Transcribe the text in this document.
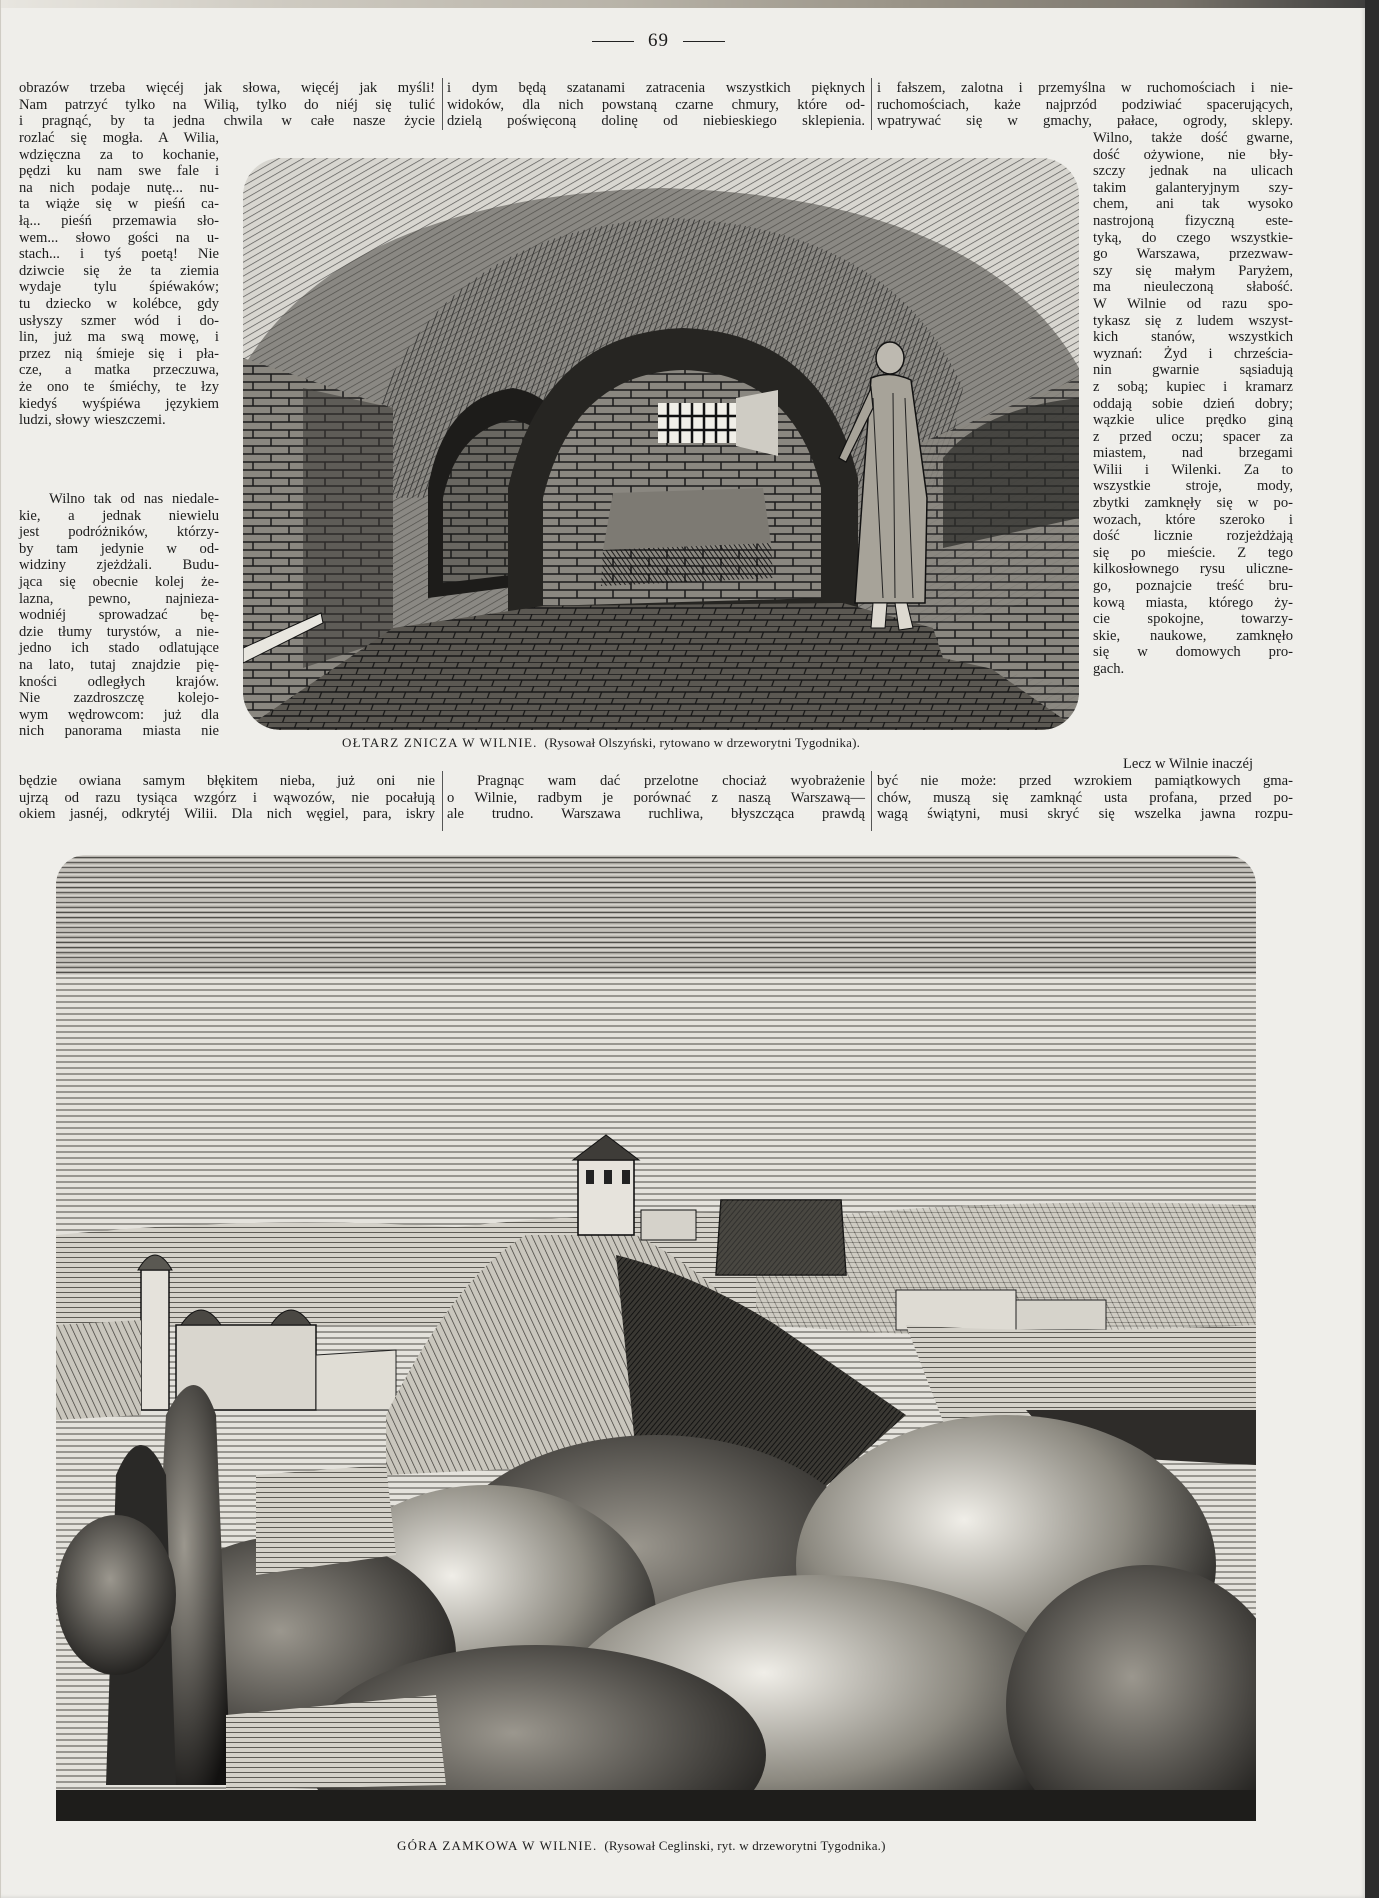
69

obrazów trzeba więcéj jak słowa, więcéj jak myśli!

Nam patrzyć tylko na Wilią, tylko do niéj się tulić

i pragnąć, by ta jedna chwila w całe nasze życie

rozlać się mogła. A Wilia,

wdzięczna za to kochanie,

pędzi ku nam swe fale i

na nich podaje nutę... nu-

ta wiąże się w pieśń ca-

łą... pieśń przemawia sło-

wem... słowo gości na u-

stach... i tyś poetą! Nie

dziwcie się że ta ziemia

wydaje tylu śpiéwaków;

tu dziecko w kolébce, gdy

usłyszy szmer wód i do-

lin, już ma swą mowę, i

przez nią śmieje się i pła-

cze, a matka przeczuwa,

że ono te śmiéchy, te łzy

kiedyś wyśpiéwa językiem

ludzi, słowy wieszczemi.

Wilno tak od nas niedale-

kie, a jednak niewielu

jest podróżników, którzy-

by tam jedynie w od-

widziny zjeżdżali. Budu-

jąca się obecnie kolej że-

lazna, pewno, najnieza-

wodniéj sprowadzać bę-

dzie tłumy turystów, a nie-

jedno ich stado odlatujące

na lato, tutaj znajdzie pię-

kności odległych krajów.

Nie zazdroszczę kolejo-

wym wędrowcom: już dla

nich panorama miasta nie

będzie owiana samym błękitem nieba, już oni nie

ujrzą od razu tysiąca wzgórz i wąwozów, nie pocałują

okiem jasnéj, odkrytéj Wilii. Dla nich węgiel, para, iskry

i dym będą szatanami zatracenia wszystkich pięknych

widoków, dla nich powstaną czarne chmury, które od-

dzielą poświęconą dolinę od niebieskiego sklepienia.

Pragnąc wam dać przelotne chociaż wyobrażenie

o Wilnie, radbym je porównać z naszą Warszawą—

ale trudno. Warszawa ruchliwa, błyszcząca prawdą

i fałszem, zalotna i przemyślna w ruchomościach i nie-

ruchomościach, każe najprzód podziwiać spacerujących,

wpatrywać się w gmachy, pałace, ogrody, sklepy.

Wilno, także dość gwarne,

dość ożywione, nie bły-

szczy jednak na ulicach

takim galanteryjnym szy-

chem, ani tak wysoko

nastrojoną fizyczną este-

tyką, do czego wszystkie-

go Warszawa, przezwaw-

szy się małym Paryżem,

ma nieuleczoną słabość.

W Wilnie od razu spo-

tykasz się z ludem wszyst-

kich stanów, wszystkich

wyznań: Żyd i chrześcia-

nin gwarnie sąsiadują

z sobą; kupiec i kramarz

oddają sobie dzień dobry;

wązkie ulice prędko giną

z przed oczu; spacer za

miastem, nad brzegami

Wilii i Wilenki. Za to

wszystkie stroje, mody,

zbytki zamknęły się w po-

wozach, które szeroko i

dość licznie rozjeżdżają

się po mieście. Z tego

kilkosłownego rysu uliczne-

go, poznajcie treść bru-

kową miasta, którego ży-

cie spokojne, towarzy-

skie, naukowe, zamknęło

się w domowych pro-

gach.

Lecz w Wilnie inaczéj

być nie może: przed wzrokiem pamiątkowych gma-

chów, muszą się zamknąć usta profana, przed po-

wagą świątyni, musi skryć się wszelka jawna rozpu-

OŁTARZ ZNICZA W WILNIE. (Rysował Olszyński, rytowano w drzeworytni Tygodnika).
GÓRA ZAMKOWA W WILNIE. (Rysował Ceglinski, ryt. w drzeworytni Tygodnika.)
